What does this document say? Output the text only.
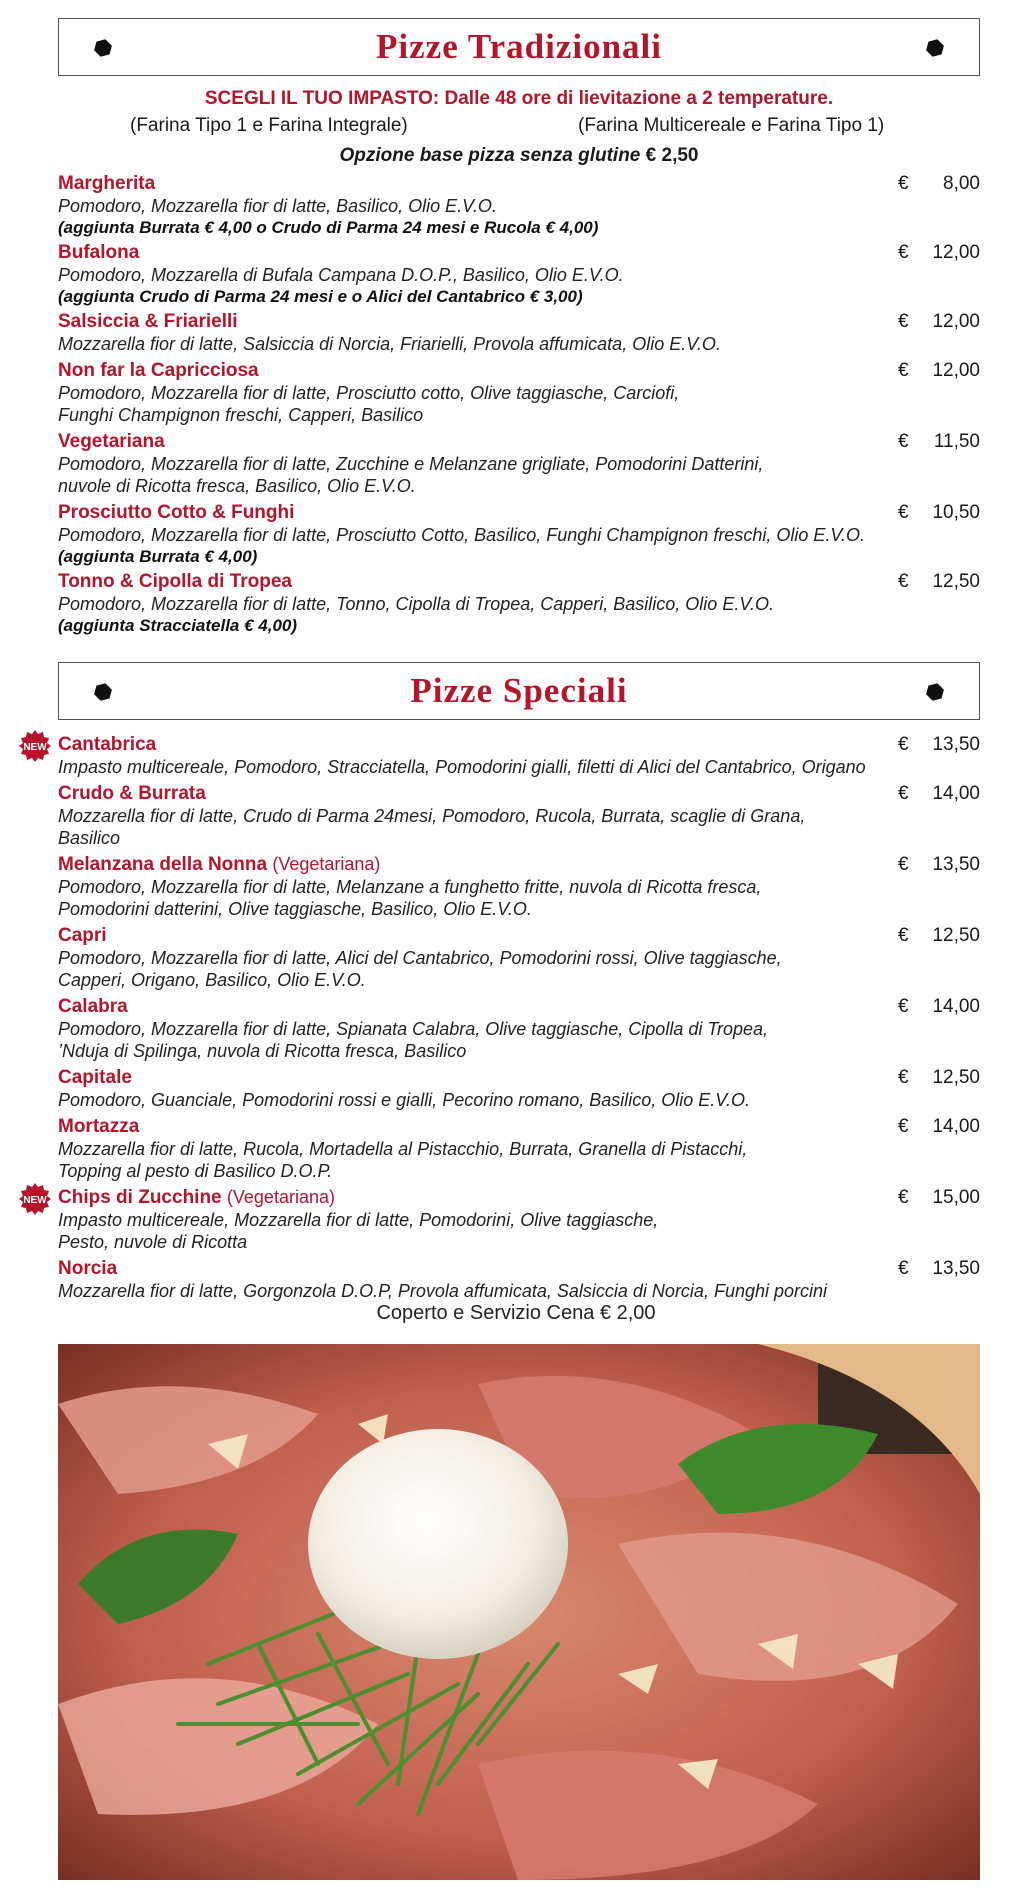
Pizze Tradizionali
SCEGLI IL TUO IMPASTO: Dalle 48 ore di lievitazione a 2 temperature.
(Farina Tipo 1 e Farina Integrale)	(Farina Multicereale e Farina Tipo 1)
Opzione base pizza senza glutine € 2,50
Margherita
Pomodoro, Mozzarella fior di latte, Basilico, Olio E.V.O.
(aggiunta Burrata € 4,00 o Crudo di Parma 24 mesi e Rucola € 4,00)
€ 8,00
Bufalona
Pomodoro, Mozzarella di Bufala Campana D.O.P., Basilico, Olio E.V.O.
(aggiunta Crudo di Parma 24 mesi e o Alici del Cantabrico € 3,00)
€ 12,00
Salsiccia & Friarielli
Mozzarella fior di latte, Salsiccia di Norcia, Friarielli, Provola affumicata, Olio E.V.O.
€ 12,00
Non far la Capricciosa
Pomodoro, Mozzarella fior di latte, Prosciutto cotto, Olive taggiasche, Carciofi,
Funghi Champignon freschi, Capperi, Basilico
€ 12,00
Vegetariana
Pomodoro, Mozzarella fior di latte, Zucchine e Melanzane grigliate, Pomodorini Datterini,
nuvole di Ricotta fresca, Basilico, Olio E.V.O.
€ 11,50
Prosciutto Cotto & Funghi
Pomodoro, Mozzarella fior di latte, Prosciutto Cotto, Basilico, Funghi Champignon freschi, Olio E.V.O.
(aggiunta Burrata € 4,00)
€ 10,50
Tonno & Cipolla di Tropea
Pomodoro, Mozzarella fior di latte, Tonno, Cipolla di Tropea, Capperi, Basilico, Olio E.V.O.
(aggiunta Stracciatella € 4,00)
€ 12,50
Pizze Speciali
NEW Cantabrica
Impasto multicereale, Pomodoro, Stracciatella, Pomodorini gialli, filetti di Alici del Cantabrico, Origano
€ 13,50
Crudo & Burrata
Mozzarella fior di latte, Crudo di Parma 24mesi, Pomodoro, Rucola, Burrata, scaglie di Grana, Basilico
€ 14,00
Melanzana della Nonna (Vegetariana)
Pomodoro, Mozzarella fior di latte, Melanzane a funghetto fritte, nuvola di Ricotta fresca,
Pomodorini datterini, Olive taggiasche, Basilico, Olio E.V.O.
€ 13,50
Capri
Pomodoro, Mozzarella fior di latte, Alici del Cantabrico, Pomodorini rossi, Olive taggiasche,
Capperi, Origano, Basilico, Olio E.V.O.
€ 12,50
Calabra
Pomodoro, Mozzarella fior di latte, Spianata Calabra, Olive taggiasche, Cipolla di Tropea,
’Nduja di Spilinga, nuvola di Ricotta fresca, Basilico
€ 14,00
Capitale
Pomodoro, Guanciale, Pomodorini rossi e gialli, Pecorino romano, Basilico, Olio E.V.O.
€ 12,50
Mortazza
Mozzarella fior di latte, Rucola, Mortadella al Pistacchio, Burrata, Granella di Pistacchi,
Topping al pesto di Basilico D.O.P.
€ 14,00
NEW Chips di Zucchine (Vegetariana)
Impasto multicereale, Mozzarella fior di latte, Pomodorini, Olive taggiasche,
Pesto, nuvole di Ricotta
€ 15,00
Norcia
Mozzarella fior di latte, Gorgonzola D.O.P, Provola affumicata, Salsiccia di Norcia, Funghi porcini
€ 13,50
Coperto e Servizio Cena € 2,00
